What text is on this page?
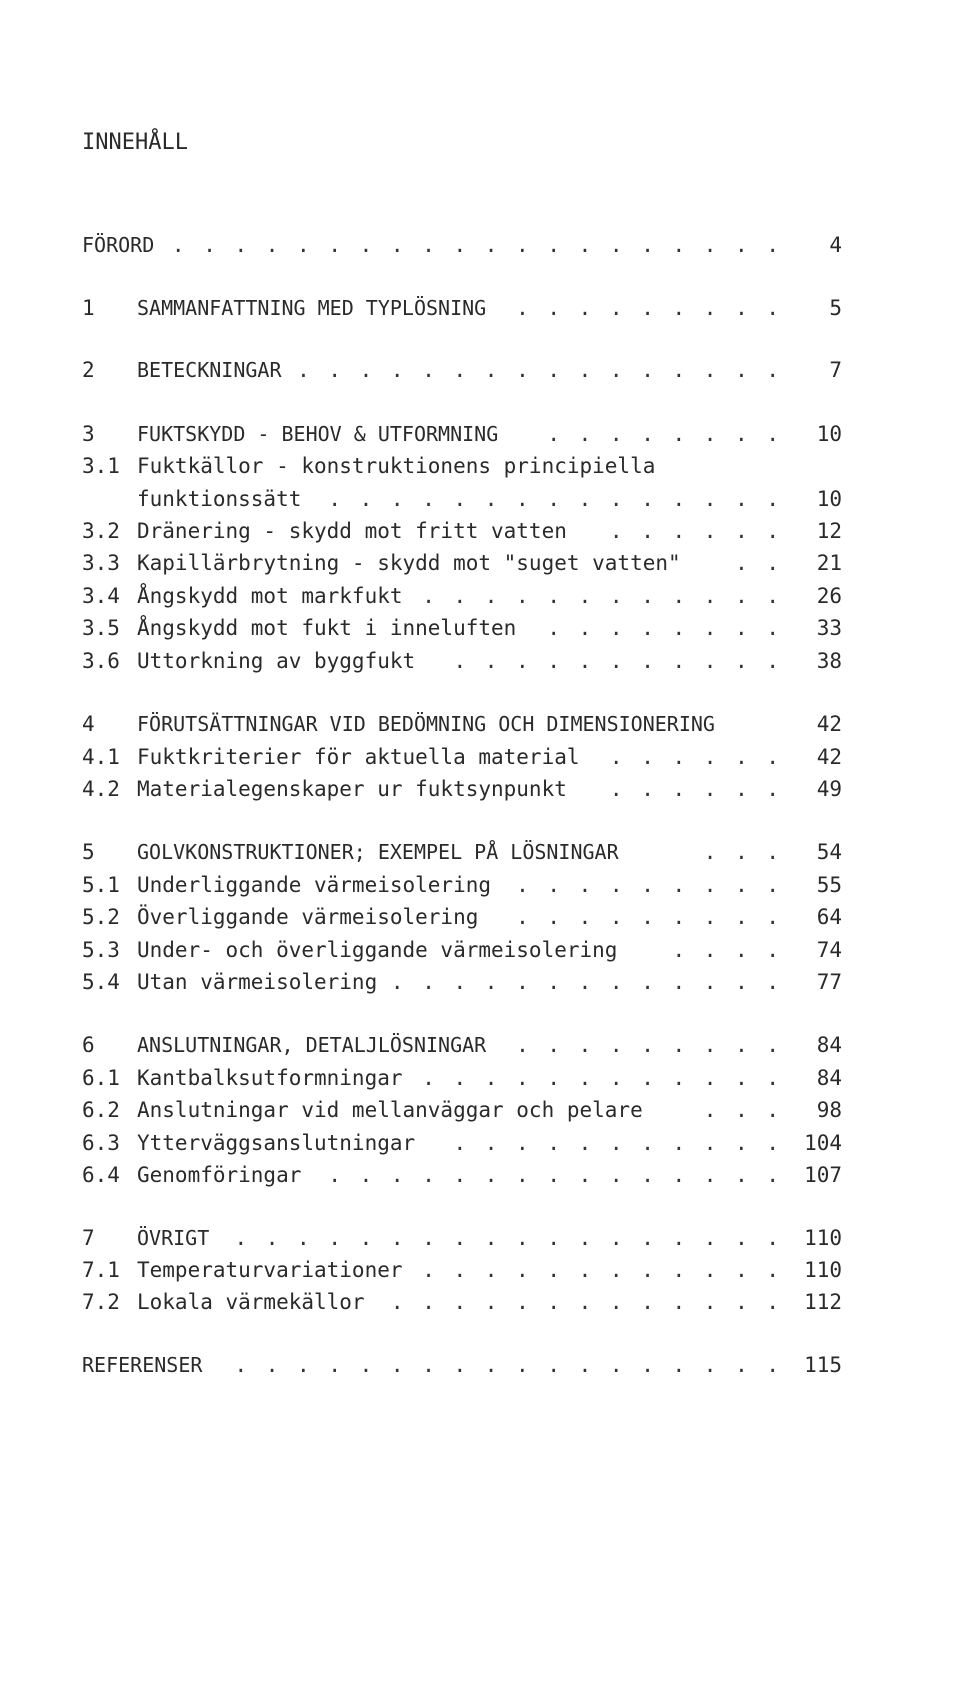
INNEHÅLL
FÖRORD . . . . . . . . . . . . . . . . . . . .	4
1 SAMMANFATTNING MED TYPLÖSNING . . . . . . . . .	5
2 BETECKNINGAR . . . . . . . . . . . . . . . .	7
3 FUKTSKYDD - BEHOV & UTFORMNING . . . . . . . .	10
3.1 Fuktkällor - konstruktionens principiella
funktionssätt . . . . . . . . . . . . . . .	10
3.2 Dränering - skydd mot fritt vatten . . . . . .	12
3.3 Kapillärbrytning - skydd mot "suget vatten"	. .	21
3.4 Ångskydd mot markfukt . . . . . . . . . . . .	26
3.5 Ångskydd mot fukt i inneluften . . . . . . . .	33
3.6 Uttorkning av byggfukt . . . . . . . . . . .	38
4 FÖRUTSÄTTNINGAR VID BEDÖMNING OCH DIMENSIONERING	42
4.1 Fuktkriterier för aktuella material . . . . . .	42
4.2 Materialegenskaper ur fuktsynpunkt . . . . . .	49
5 GOLVKONSTRUKTIONER; EXEMPEL PÅ LÖSNINGAR	. . .	54
5.1 Underliggande värmeisolering . . . . . . . . .	55
5.2 Överliggande värmeisolering . . . . . . . . .	64
5.3 Under- och överliggande värmeisolering	. . . .	74
5.4 Utan värmeisolering . . . . . . . . . . . . .	77
6 ANSLUTNINGAR, DETALJLÖSNINGAR . . . . . . . . .	84
6.1 Kantbalksutformningar . . . . . . . . . . . .	84
6.2 Anslutningar vid mellanväggar och pelare	. . .	98
6.3 Ytterväggsanslutningar . . . . . . . . . . . 104
6.4 Genomföringar . . . . . . . . . . . . . . . 107
7 ÖVRIGT . . . . . . . . . . . . . . . . . . 110
7.1 Temperaturvariationer . . . . . . . . . . . . 110
7.2 Lokala värmekällor . . . . . . . . . . . . . 112
REFERENSER . . . . . . . . . . . . . . . . . . 115
